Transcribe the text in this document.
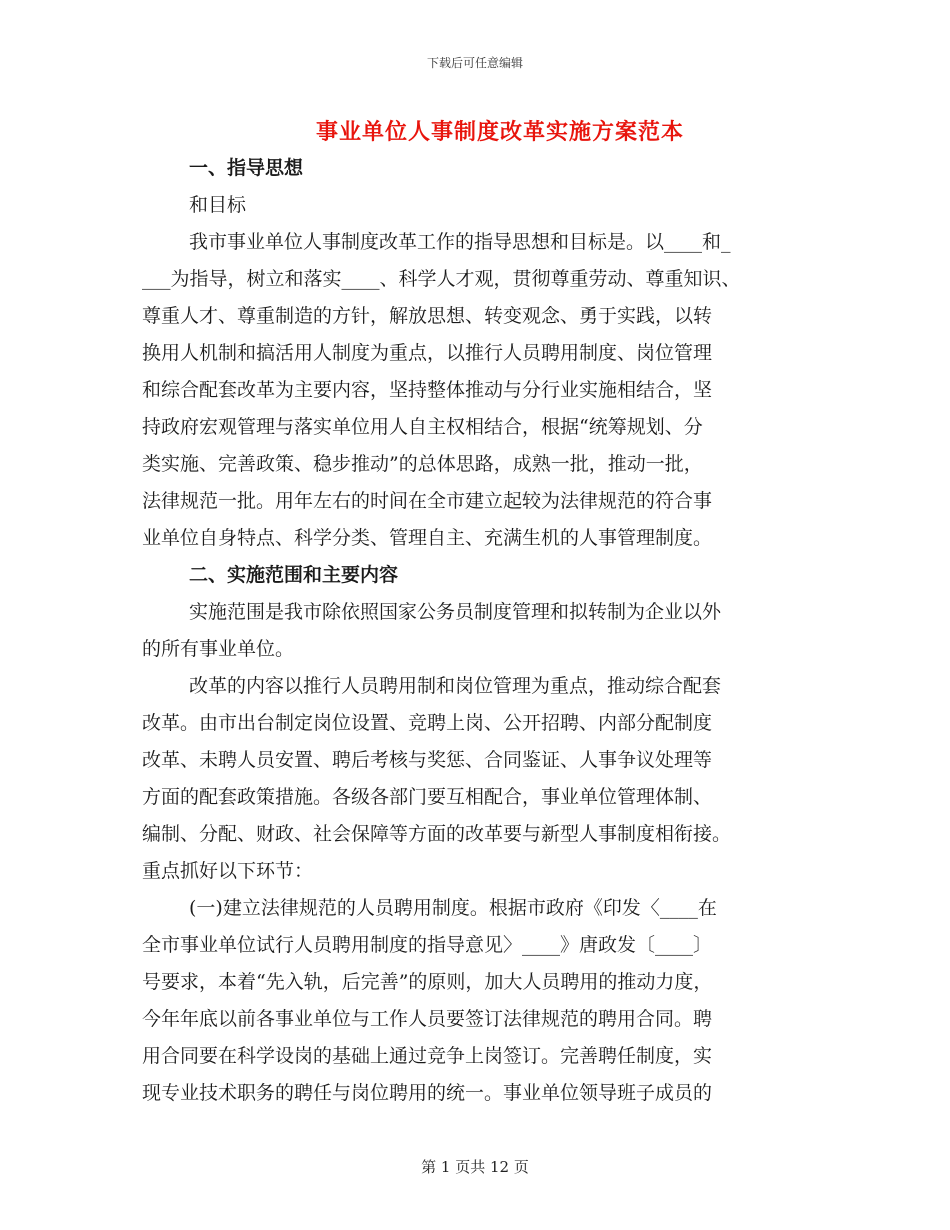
下载后可任意编辑
事业单位人事制度改革实施方案范本
一、指导思想
和目标
我市事业单位人事制度改革工作的指导思想和目标是。以____和_
___为指导，树立和落实____、科学人才观，贯彻尊重劳动、尊重知识、
尊重人才、尊重制造的方针，解放思想、转变观念、勇于实践，以转
换用人机制和搞活用人制度为重点，以推行人员聘用制度、岗位管理
和综合配套改革为主要内容，坚持整体推动与分行业实施相结合，坚
持政府宏观管理与落实单位用人自主权相结合，根据“统筹规划、分
类实施、完善政策、稳步推动”的总体思路，成熟一批，推动一批，
法律规范一批。用年左右的时间在全市建立起较为法律规范的符合事
业单位自身特点、科学分类、管理自主、充满生机的人事管理制度。
二、实施范围和主要内容
实施范围是我市除依照国家公务员制度管理和拟转制为企业以外
的所有事业单位。
改革的内容以推行人员聘用制和岗位管理为重点，推动综合配套
改革。由市出台制定岗位设置、竞聘上岗、公开招聘、内部分配制度
改革、未聘人员安置、聘后考核与奖惩、合同鉴证、人事争议处理等
方面的配套政策措施。各级各部门要互相配合，事业单位管理体制、
编制、分配、财政、社会保障等方面的改革要与新型人事制度相衔接。
重点抓好以下环节：
(一)建立法律规范的人员聘用制度。根据市政府《印发〈____在
全市事业单位试行人员聘用制度的指导意见〉____》唐政发〔____〕
号要求，本着“先入轨，后完善”的原则，加大人员聘用的推动力度，
今年年底以前各事业单位与工作人员要签订法律规范的聘用合同。聘
用合同要在科学设岗的基础上通过竞争上岗签订。完善聘任制度，实
现专业技术职务的聘任与岗位聘用的统一。事业单位领导班子成员的
第 1 页共 12 页
